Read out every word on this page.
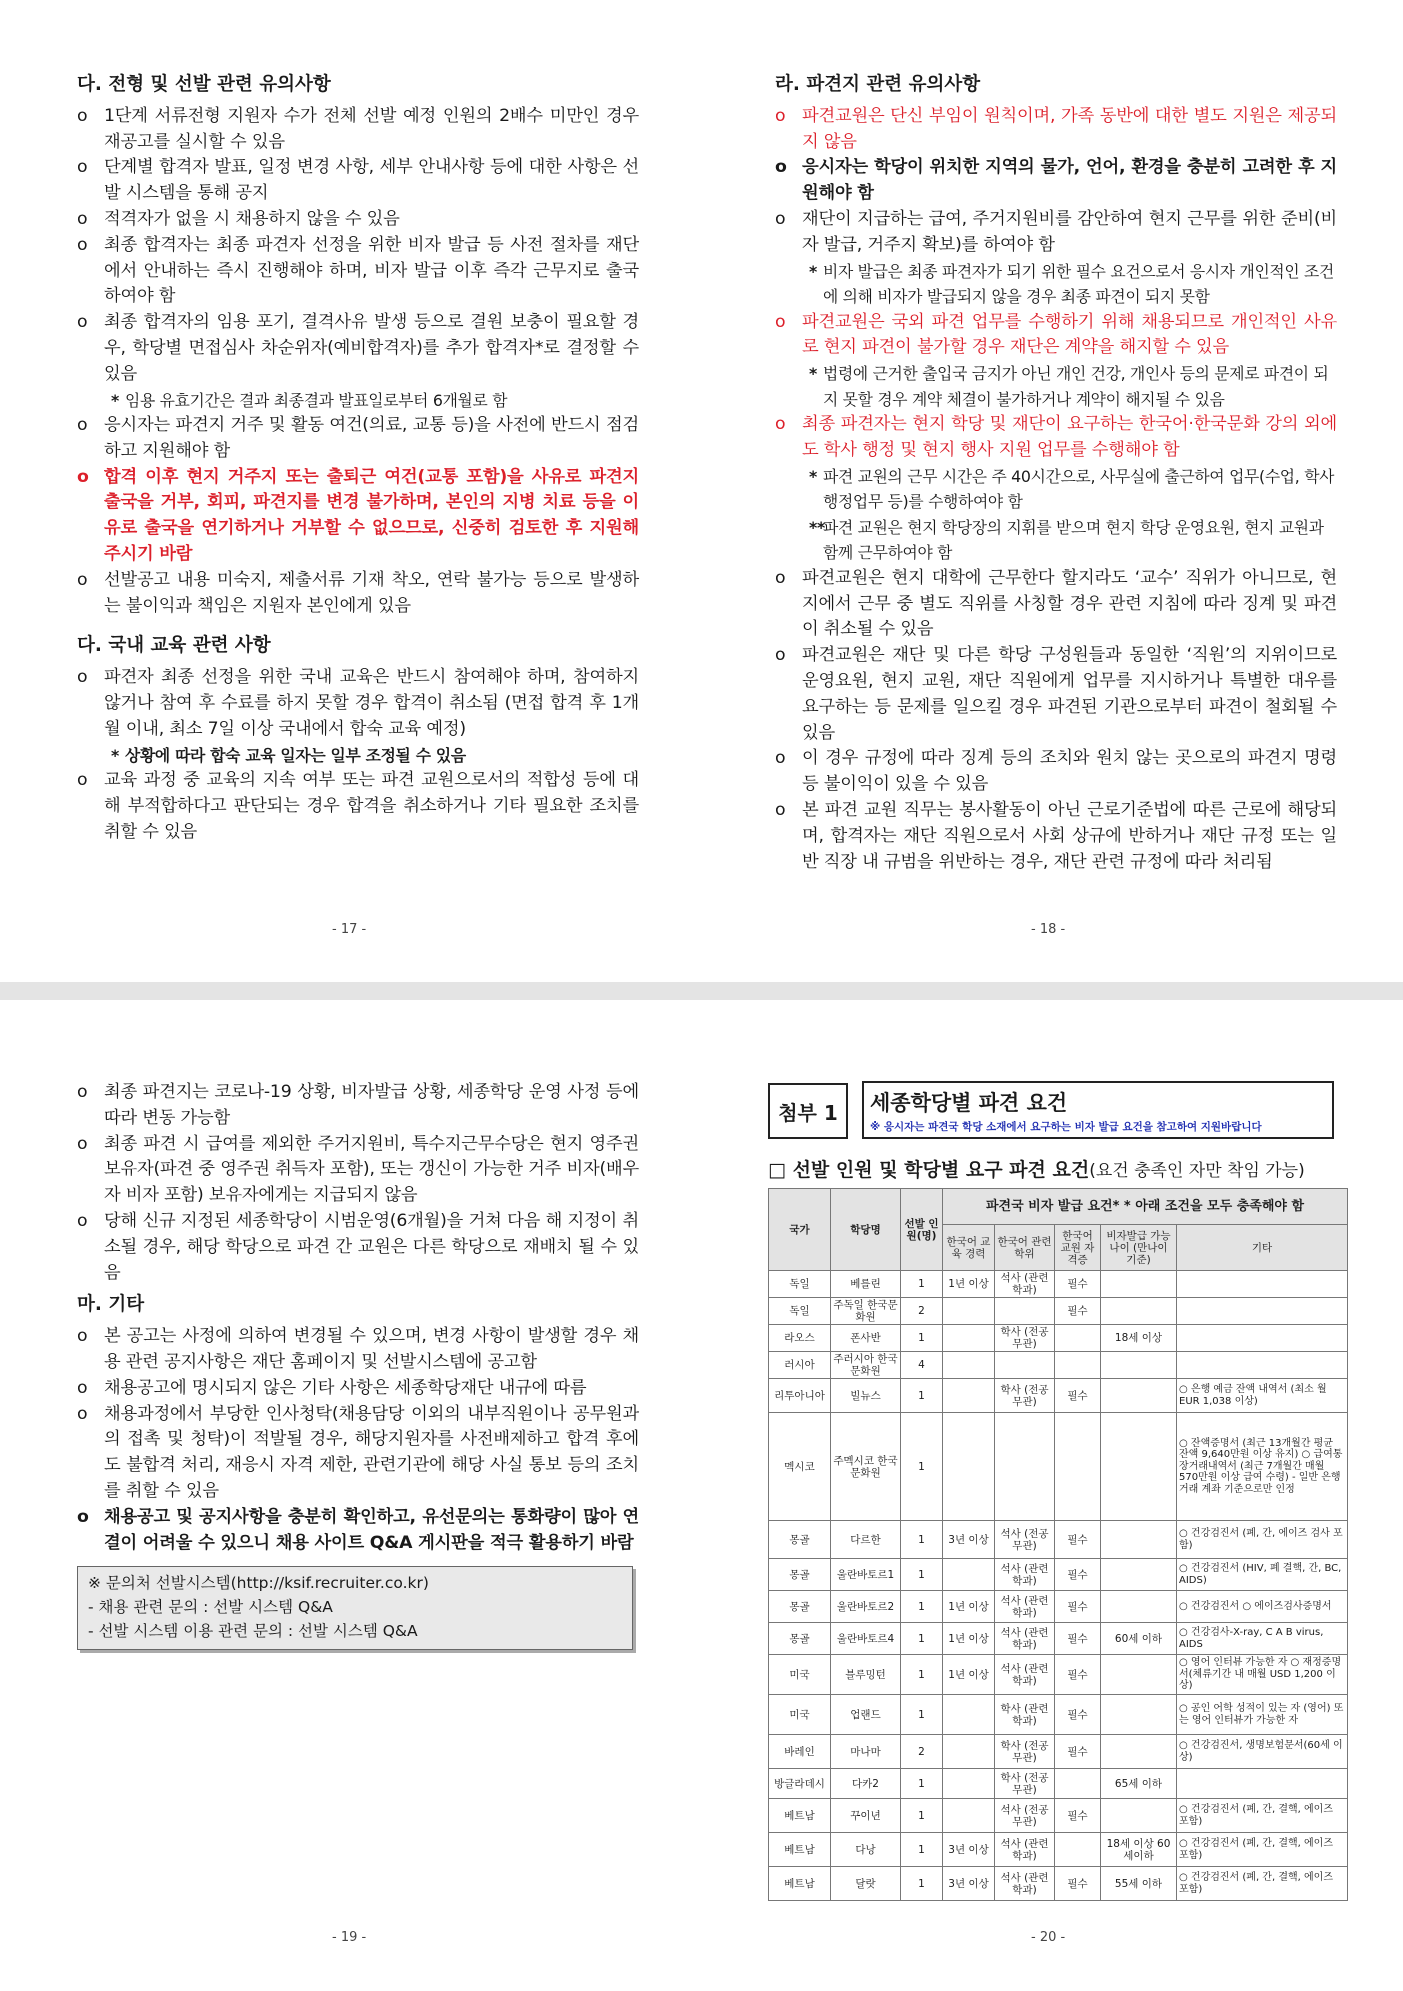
다. 전형 및 선발 관련 유의사항
o 1단계 서류전형 지원자 수가 전체 선발 예정 인원의 2배수 미만인 경우 재공고를 실시할 수 있음
o 단계별 합격자 발표, 일정 변경 사항, 세부 안내사항 등에 대한 사항은 선발 시스템을 통해 공지
o 적격자가 없을 시 채용하지 않을 수 있음
o 최종 합격자는 최종 파견자 선정을 위한 비자 발급 등 사전 절차를 재단에서 안내하는 즉시 진행해야 하며, 비자 발급 이후 즉각 근무지로 출국하여야 함
o 최종 합격자의 임용 포기, 결격사유 발생 등으로 결원 보충이 필요할 경우, 학당별 면접심사 차순위자(예비합격자)를 추가 합격자*로 결정할 수 있음
* 임용 유효기간은 결과 최종결과 발표일로부터 6개월로 함
o 응시자는 파견지 거주 및 활동 여건(의료, 교통 등)을 사전에 반드시 점검하고 지원해야 함
o 합격 이후 현지 거주지 또는 출퇴근 여건(교통 포함)을 사유로 파견지 출국을 거부, 회피, 파견지를 변경 불가하며, 본인의 지병 치료 등을 이유로 출국을 연기하거나 거부할 수 없으므로, 신중히 검토한 후 지원해 주시기 바람
o 선발공고 내용 미숙지, 제출서류 기재 착오, 연락 불가능 등으로 발생하는 불이익과 책임은 지원자 본인에게 있음
다. 국내 교육 관련 사항
o 파견자 최종 선정을 위한 국내 교육은 반드시 참여해야 하며, 참여하지 않거나 참여 후 수료를 하지 못할 경우 합격이 취소됨 (면접 합격 후 1개월 이내, 최소 7일 이상 국내에서 합숙 교육 예정)
* 상황에 따라 합숙 교육 일자는 일부 조정될 수 있음
o 교육 과정 중 교육의 지속 여부 또는 파견 교원으로서의 적합성 등에 대해 부적합하다고 판단되는 경우 합격을 취소하거나 기타 필요한 조치를 취할 수 있음
- 17 -
라. 파견지 관련 유의사항
o 파견교원은 단신 부임이 원칙이며, 가족 동반에 대한 별도 지원은 제공되지 않음
o 응시자는 학당이 위치한 지역의 물가, 언어, 환경을 충분히 고려한 후 지원해야 함
o 재단이 지급하는 급여, 주거지원비를 감안하여 현지 근무를 위한 준비(비자 발급, 거주지 확보)를 하여야 함
* 비자 발급은 최종 파견자가 되기 위한 필수 요건으로서 응시자 개인적인 조건에 의해 비자가 발급되지 않을 경우 최종 파견이 되지 못함
o 파견교원은 국외 파견 업무를 수행하기 위해 채용되므로 개인적인 사유로 현지 파견이 불가할 경우 재단은 계약을 해지할 수 있음
* 법령에 근거한 출입국 금지가 아닌 개인 건강, 개인사 등의 문제로 파견이 되지 못할 경우 계약 체결이 불가하거나 계약이 해지될 수 있음
o 최종 파견자는 현지 학당 및 재단이 요구하는 한국어·한국문화 강의 외에도 학사 행정 및 현지 행사 지원 업무를 수행해야 함
* 파견 교원의 근무 시간은 주 40시간으로, 사무실에 출근하여 업무(수업, 학사 행정업무 등)를 수행하여야 함
** 파견 교원은 현지 학당장의 지휘를 받으며 현지 학당 운영요원, 현지 교원과 함께 근무하여야 함
o 파견교원은 현지 대학에 근무한다 할지라도 ‘교수’ 직위가 아니므로, 현지에서 근무 중 별도 직위를 사칭할 경우 관련 지침에 따라 징계 및 파견이 취소될 수 있음
o 파견교원은 재단 및 다른 학당 구성원들과 동일한 ‘직원’의 지위이므로 운영요원, 현지 교원, 재단 직원에게 업무를 지시하거나 특별한 대우를 요구하는 등 문제를 일으킬 경우 파견된 기관으로부터 파견이 철회될 수 있음
o 이 경우 규정에 따라 징계 등의 조치와 원치 않는 곳으로의 파견지 명령 등 불이익이 있을 수 있음
o 본 파견 교원 직무는 봉사활동이 아닌 근로기준법에 따른 근로에 해당되며, 합격자는 재단 직원으로서 사회 상규에 반하거나 재단 규정 또는 일반 직장 내 규범을 위반하는 경우, 재단 관련 규정에 따라 처리됨
- 18 -
o 최종 파견지는 코로나-19 상황, 비자발급 상황, 세종학당 운영 사정 등에 따라 변동 가능함
o 최종 파견 시 급여를 제외한 주거지원비, 특수지근무수당은 현지 영주권 보유자(파견 중 영주권 취득자 포함), 또는 갱신이 가능한 거주 비자(배우자 비자 포함) 보유자에게는 지급되지 않음
o 당해 신규 지정된 세종학당이 시범운영(6개월)을 거쳐 다음 해 지정이 취소될 경우, 해당 학당으로 파견 간 교원은 다른 학당으로 재배치 될 수 있음
마. 기타
o 본 공고는 사정에 의하여 변경될 수 있으며, 변경 사항이 발생할 경우 채용 관련 공지사항은 재단 홈페이지 및 선발시스템에 공고함
o 채용공고에 명시되지 않은 기타 사항은 세종학당재단 내규에 따름
o 채용과정에서 부당한 인사청탁(채용담당 이외의 내부직원이나 공무원과의 접촉 및 청탁)이 적발될 경우, 해당지원자를 사전배제하고 합격 후에도 불합격 처리, 재응시 자격 제한, 관련기관에 해당 사실 통보 등의 조치를 취할 수 있음
o 채용공고 및 공지사항을 충분히 확인하고, 유선문의는 통화량이 많아 연결이 어려울 수 있으니 채용 사이트 Q&A 게시판을 적극 활용하기 바람
※ 문의처 선발시스템(http://ksif.recruiter.co.kr)
- 채용 관련 문의 : 선발 시스템 Q&A
- 선발 시스템 이용 관련 문의 : 선발 시스템 Q&A
- 19 -	- 20 -
첨부 1	세종학당별 파견 요건
※ 응시자는 파견국 학당 소재에서 요구하는 비자 발급 요건을 참고하여 지원바랍니다
□ 선발 인원 및 학당별 요구 파견 요건(요건 충족인 자만 착임 가능)
국가	학당명	선발 인원(명)	파견국 비자 발급 요건* * 아래 조건을 모두 충족해야 함				
			한국어 교육 경력	한국어 관련 학위	한국어 교원 자격증	비자발급 가능 나이 (만나이 기준)	기타
독일	베를린	1	1년 이상	석사 (관련학과)	필수		
독일	주독일 한국문화원	2			필수		
라오스	폰사반	1		학사 (전공무관)		18세 이상	
러시아	주러시아 한국문화원	4					
리투아니아	빌뉴스	1		학사 (전공무관)	필수		○ 은행 예금 잔액 내역서 (최소 월 EUR 1,038 이상)
멕시코	주멕시코 한국문화원	1					○ 잔액증명서 (최근 13개월간 평균 잔액 9,640만원 이상 유지) ○ 급여통장거래내역서 (최근 7개월간 매월 570만원 이상 급여 수령) - 일반 은행 거래 계좌 기준으로만 인정
몽골	다르한	1	3년 이상	석사 (전공무관)	필수		○ 건강검진서 (폐, 간, 에이즈 검사 포함)
몽골	울란바토르1	1		석사 (관련학과)	필수		○ 건강검진서 (HIV, 폐 결핵, 간, BC, AIDS)
몽골	울란바토르2	1	1년 이상	석사 (관련학과)	필수		○ 건강검진서 ○ 에이즈검사증명서
몽골	울란바토르4	1	1년 이상	석사 (관련학과)	필수	60세 이하	○ 건강검사-X-ray, C A B virus, AIDS
미국	블루밍턴	1	1년 이상	석사 (관련학과)	필수		○ 영어 인터뷰 가능한 자 ○ 재정증명서(체류기간 내 매월 USD 1,200 이상)
미국	업랜드	1		학사 (관련학과)	필수		○ 공인 어학 성적이 있는 자 (영어) 또는 영어 인터뷰가 가능한 자
바레인	마나마	2		학사 (전공무관)	필수		○ 건강검진서, 생명보험문서(60세 이상)
방글라데시	다카2	1		학사 (전공무관)		65세 이하	
베트남	꾸이년	1		석사 (전공무관)	필수		○ 건강검진서 (폐, 간, 결핵, 에이즈 포함)
베트남	다낭	1	3년 이상	석사 (관련학과)		18세 이상 60세이하	○ 건강검진서 (폐, 간, 결핵, 에이즈 포함)
베트남	달랏	1	3년 이상	석사 (관련학과)	필수	55세 이하	○ 건강검진서 (폐, 간, 결핵, 에이즈 포함)
